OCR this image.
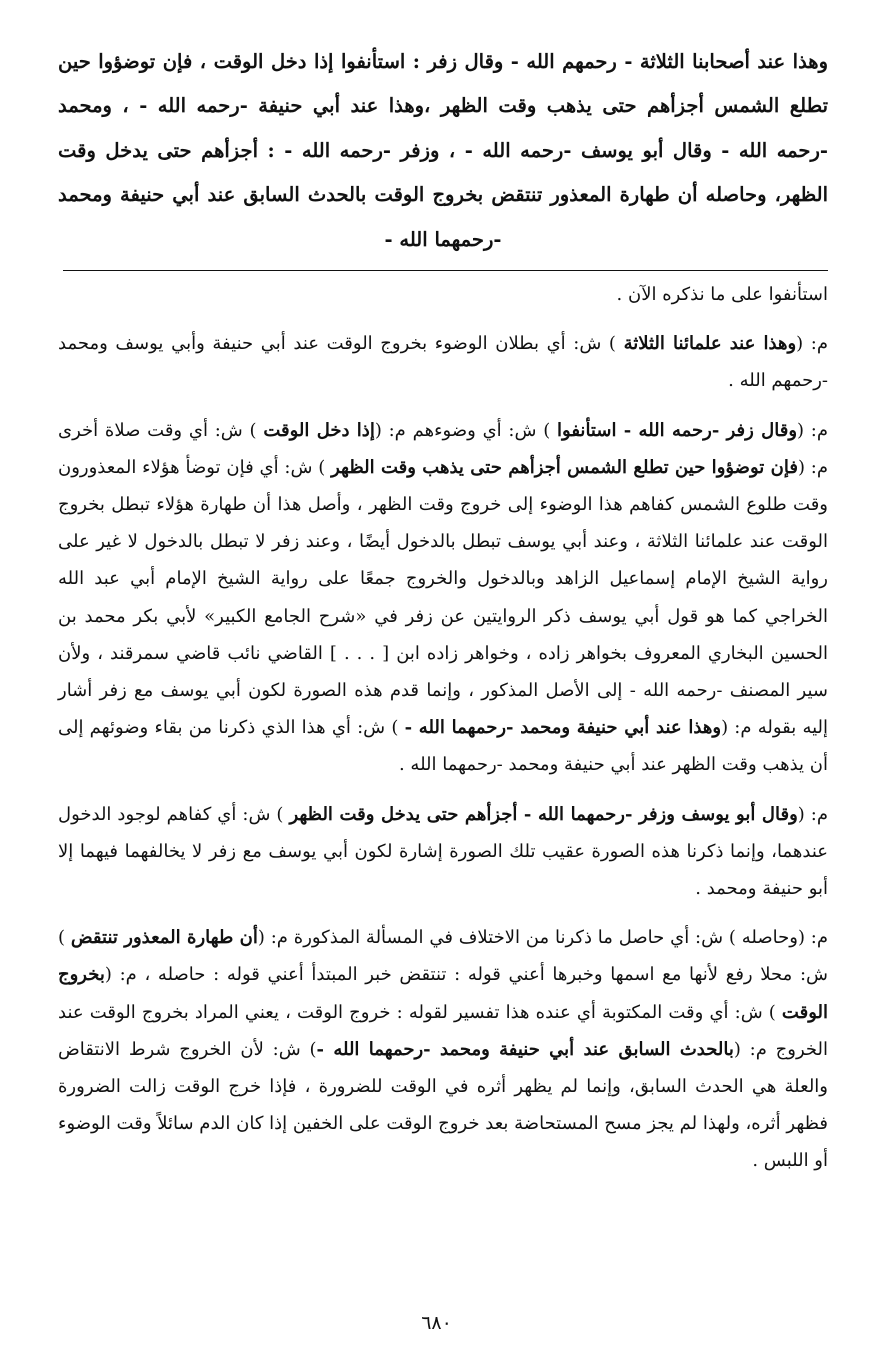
وهذا عند أصحابنا الثلاثة - رحمهم الله - وقال زفر : استأنفوا إذا دخل الوقت ، فإن توضؤوا حين تطلع الشمس أجزأهم حتى يذهب وقت الظهر ،وهذا عند أبي حنيفة -رحمه الله - ، ومحمد -رحمه الله - وقال أبو يوسف -رحمه الله - ، وزفر -رحمه الله - : أجزأهم حتى يدخل وقت الظهر، وحاصله أن طهارة المعذور تنتقض بخروج الوقت بالحدث السابق عند أبي حنيفة ومحمد -رحمهما الله -

استأنفوا على ما نذكره الآن .

م: (وهذا عند علمائنا الثلاثة ) ش: أي بطلان الوضوء بخروج الوقت عند أبي حنيفة وأبي يوسف ومحمد -رحمهم الله .

م: (وقال زفر -رحمه الله - استأنفوا ) ش: أي وضوءهم م: (إذا دخل الوقت ) ش: أي وقت صلاة أخرى م: (فإن توضؤوا حين تطلع الشمس أجزأهم حتى يذهب وقت الظهر ) ش: أي فإن توضأ هؤلاء المعذورون وقت طلوع الشمس كفاهم هذا الوضوء إلى خروج وقت الظهر ، وأصل هذا أن طهارة هؤلاء تبطل بخروج الوقت عند علمائنا الثلاثة ، وعند أبي يوسف تبطل بالدخول أيضًا ، وعند زفر لا تبطل بالدخول لا غير على رواية الشيخ الإمام إسماعيل الزاهد وبالدخول والخروج جمعًا على رواية الشيخ الإمام أبي عبد الله الخراجي كما هو قول أبي يوسف ذكر الروايتين عن زفر في «شرح الجامع الكبير» لأبي بكر محمد بن الحسين البخاري المعروف بخواهر زاده ، وخواهر زاده ابن [ . . . ] القاضي نائب قاضي سمرقند ، ولأن سير المصنف -رحمه الله - إلى الأصل المذكور ، وإنما قدم هذه الصورة لكون أبي يوسف مع زفر أشار إليه بقوله م: (وهذا عند أبي حنيفة ومحمد -رحمهما الله - ) ش: أي هذا الذي ذكرنا من بقاء وضوئهم إلى أن يذهب وقت الظهر عند أبي حنيفة ومحمد -رحمهما الله .

م: (وقال أبو يوسف وزفر -رحمهما الله - أجزأهم حتى يدخل وقت الظهر ) ش: أي كفاهم لوجود الدخول عندهما، وإنما ذكرنا هذه الصورة عقيب تلك الصورة إشارة لكون أبي يوسف مع زفر لا يخالفهما فيهما إلا أبو حنيفة ومحمد .

م: (وحاصله ) ش: أي حاصل ما ذكرنا من الاختلاف في المسألة المذكورة م: (أن طهارة المعذور تنتقض ) ش: محلا رفع لأنها مع اسمها وخبرها أعني قوله : تنتقض خبر المبتدأ أعني قوله : حاصله ، م: (بخروج الوقت ) ش: أي وقت المكتوبة أي عنده هذا تفسير لقوله : خروج الوقت ، يعني المراد بخروج الوقت عند الخروج م: (بالحدث السابق عند أبي حنيفة ومحمد -رحمهما الله -) ش: لأن الخروج شرط الانتقاض والعلة هي الحدث السابق، وإنما لم يظهر أثره في الوقت للضرورة ، فإذا خرج الوقت زالت الضرورة فظهر أثره، ولهذا لم يجز مسح المستحاضة بعد خروج الوقت على الخفين إذا كان الدم سائلاً وقت الوضوء أو اللبس .

٦٨٠
